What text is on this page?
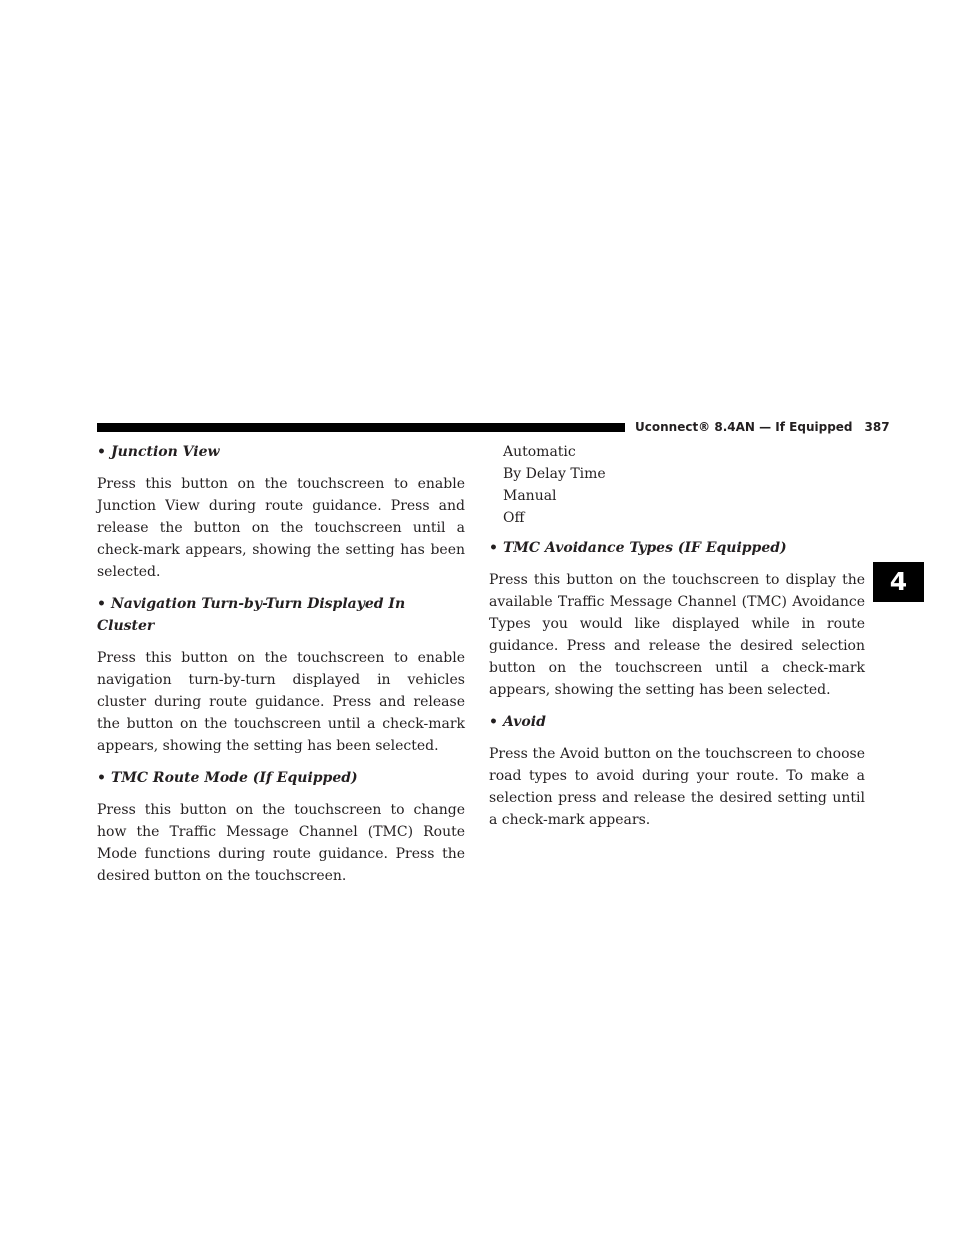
Uconnect® 8.4AN — If Equipped 387
4
• Junction View

Press this button on the touchscreen to enable Junction View during route guidance. Press and release the button on the touchscreen until a check-mark appears, showing the setting has been selected.

• Navigation Turn-by-Turn Displayed In Cluster

Press this button on the touchscreen to enable navigation turn-by-turn displayed in vehicles cluster during route guidance. Press and release the button on the touchscreen until a check-mark appears, showing the setting has been selected.

• TMC Route Mode (If Equipped)

Press this button on the touchscreen to change how the Traffic Message Channel (TMC) Route Mode functions during route guidance. Press the desired button on the touchscreen.

Automatic
By Delay Time
Manual
Off
• TMC Avoidance Types (IF Equipped)

Press this button on the touchscreen to display the available Traffic Message Channel (TMC) Avoidance Types you would like displayed while in route guidance. Press and release the desired selection button on the touchscreen until a check-mark appears, showing the setting has been selected.

• Avoid

Press the Avoid button on the touchscreen to choose road types to avoid during your route. To make a selection press and release the desired setting until a check-mark appears.
